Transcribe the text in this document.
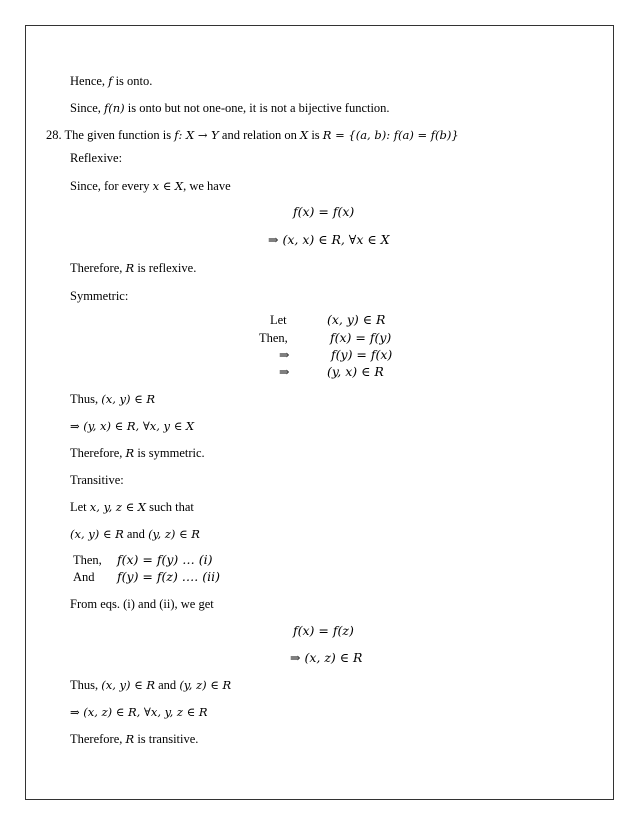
Hence, f is onto.
Since, f(n) is onto but not one-one, it is not a bijective function.
28. The given function is f: X → Y and relation on X is R = {(a, b): f(a) = f(b)}
Reflexive:
Since, for every x ∈ X, we have
f(x) = f(x)
⇒ (x, x) ∈ R, ∀x ∈ X
Therefore, R is reflexive.
Symmetric:
Let	(x, y) ∈ R
Then,	f(x) = f(y)
⇒	f(y) = f(x)
⇒	(y, x) ∈ R
Thus, (x, y) ∈ R
⇒ (y, x) ∈ R, ∀x, y ∈ X
Therefore, R is symmetric.
Transitive:
Let x, y, z ∈ X such that
(x, y) ∈ R and (y, z) ∈ R
Then, f(x) = f(y) … (i)
And f(y) = f(z) …. (ii)
From eqs. (i) and (ii), we get
f(x) = f(z)
⇒ (x, z) ∈ R
Thus, (x, y) ∈ R and (y, z) ∈ R
⇒ (x, z) ∈ R, ∀x, y, z ∈ R
Therefore, R is transitive.
